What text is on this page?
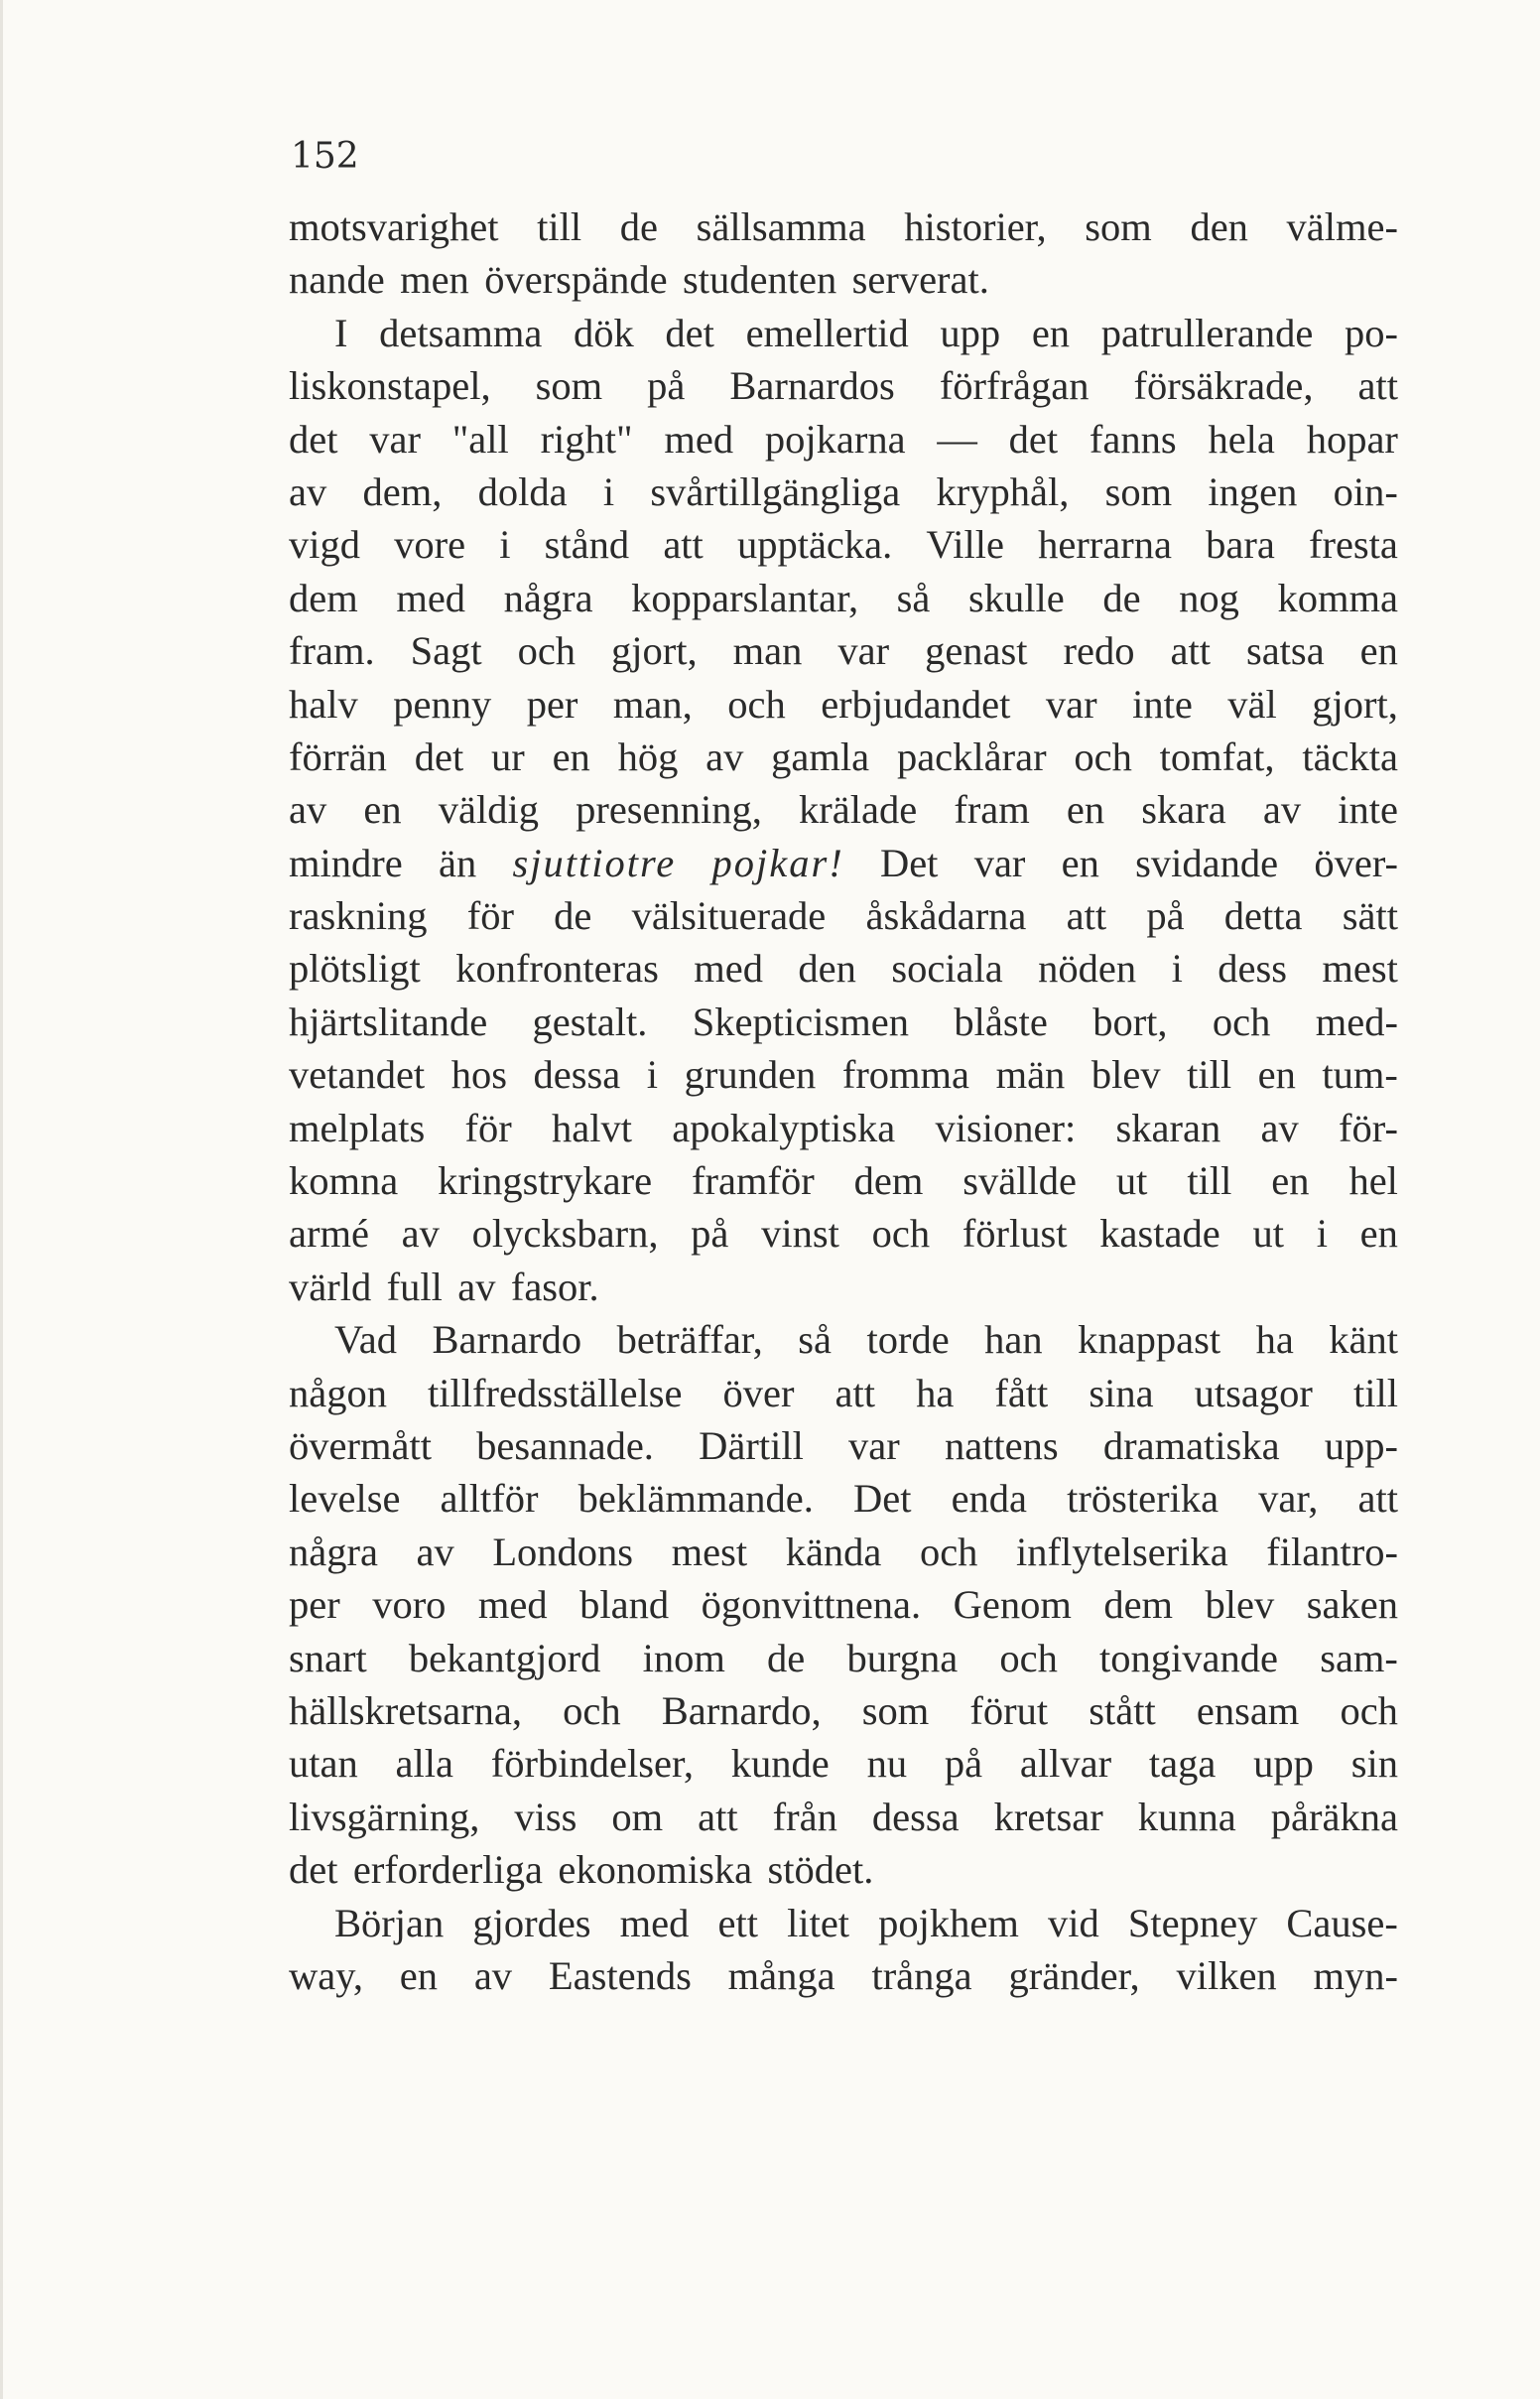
152
motsvarighet till de sällsamma historier, som den välme-
nande men överspände studenten serverat.
I detsamma dök det emellertid upp en patrullerande po-
liskonstapel, som på Barnardos förfrågan försäkrade, att
det var "all right" med pojkarna — det fanns hela hopar
av dem, dolda i svårtillgängliga kryphål, som ingen oin-
vigd vore i stånd att upptäcka. Ville herrarna bara fresta
dem med några kopparslantar, så skulle de nog komma
fram. Sagt och gjort, man var genast redo att satsa en
halv penny per man, och erbjudandet var inte väl gjort,
förrän det ur en hög av gamla packlårar och tomfat, täckta
av en väldig presenning, krälade fram en skara av inte
mindre än sjuttiotre pojkar! Det var en svidande över-
raskning för de välsituerade åskådarna att på detta sätt
plötsligt konfronteras med den sociala nöden i dess mest
hjärtslitande gestalt. Skepticismen blåste bort, och med-
vetandet hos dessa i grunden fromma män blev till en tum-
melplats för halvt apokalyptiska visioner: skaran av för-
komna kringstrykare framför dem svällde ut till en hel
armé av olycksbarn, på vinst och förlust kastade ut i en
värld full av fasor.
Vad Barnardo beträffar, så torde han knappast ha känt
någon tillfredsställelse över att ha fått sina utsagor till
övermått besannade. Därtill var nattens dramatiska upp-
levelse alltför beklämmande. Det enda trösterika var, att
några av Londons mest kända och inflytelserika filantro-
per voro med bland ögonvittnena. Genom dem blev saken
snart bekantgjord inom de burgna och tongivande sam-
hällskretsarna, och Barnardo, som förut stått ensam och
utan alla förbindelser, kunde nu på allvar taga upp sin
livsgärning, viss om att från dessa kretsar kunna påräkna
det erforderliga ekonomiska stödet.
Början gjordes med ett litet pojkhem vid Stepney Cause-
way, en av Eastends många trånga gränder, vilken myn-
